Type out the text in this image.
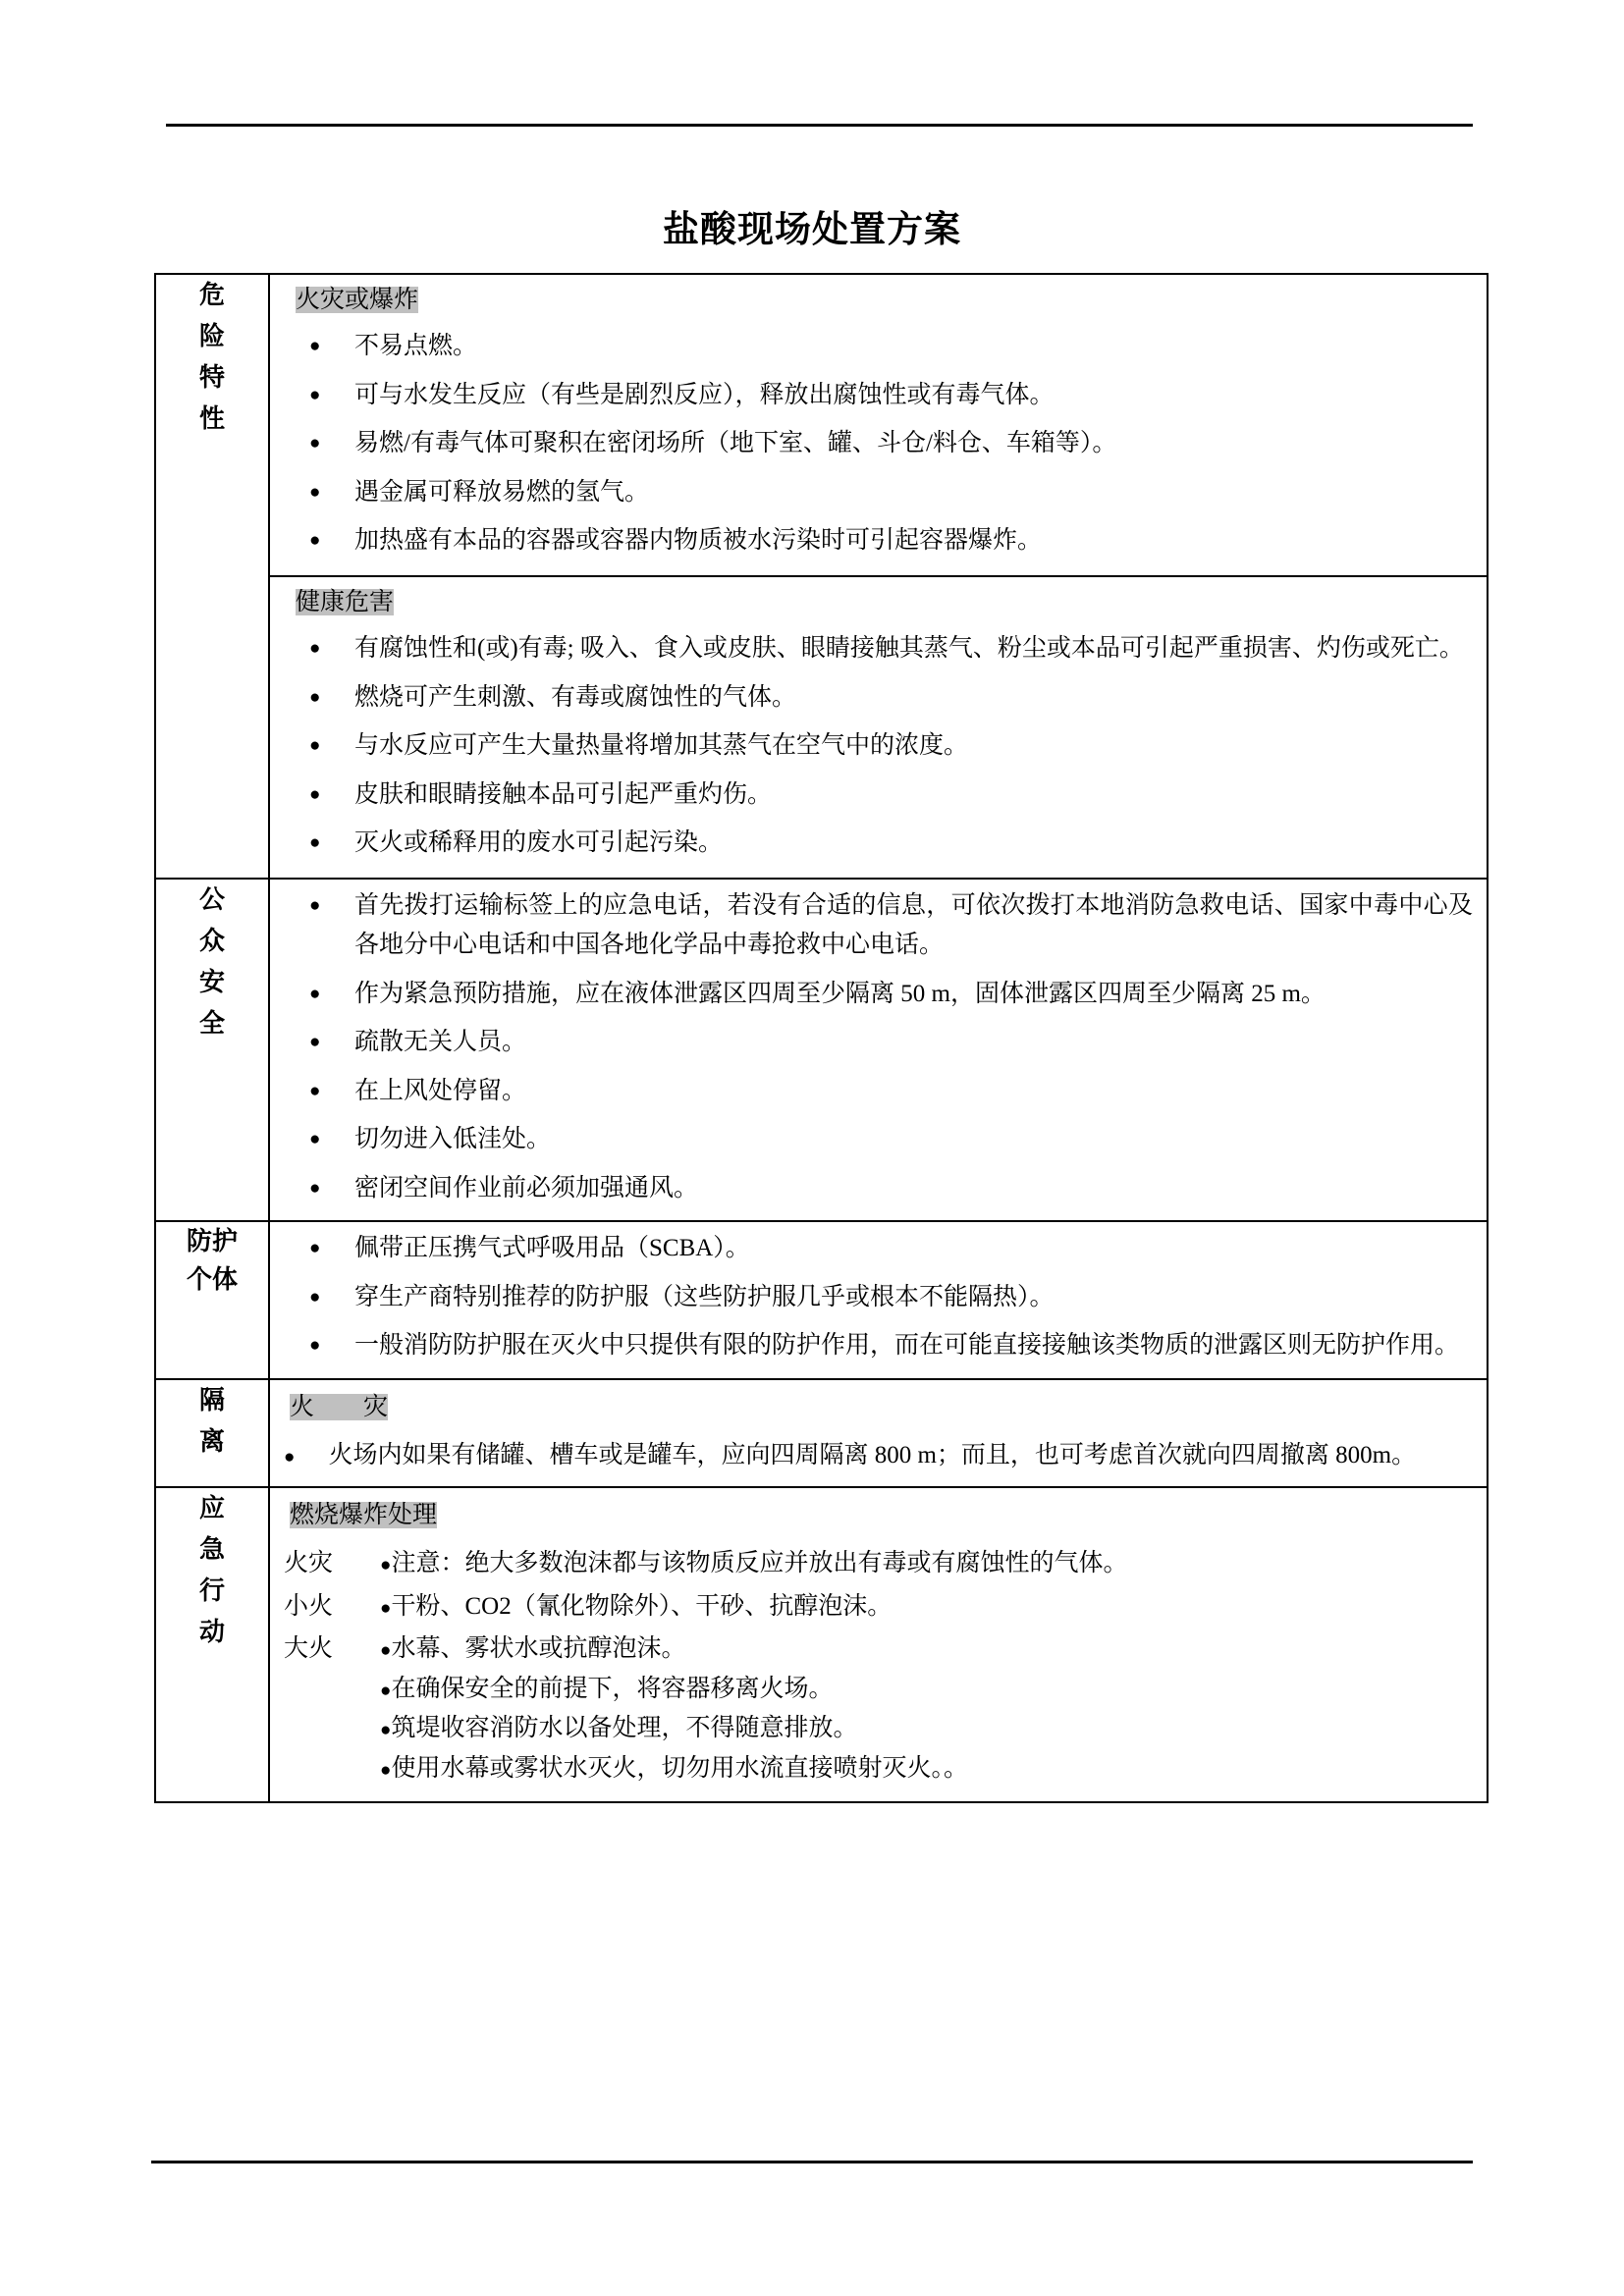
盐酸现场处置方案
危
险
特
性

火灾或爆炸
● 不易点燃。
● 可与水发生反应（有些是剧烈反应），释放出腐蚀性或有毒气体。
● 易燃/有毒气体可聚积在密闭场所（地下室、罐、斗仓/料仓、车箱等）。
● 遇金属可释放易燃的氢气。
● 加热盛有本品的容器或容器内物质被水污染时可引起容器爆炸。
健康危害
● 有腐蚀性和(或)有毒; 吸入、食入或皮肤、眼睛接触其蒸气、粉尘或本品可引起严重损害、灼伤或死亡。
● 燃烧可产生刺激、有毒或腐蚀性的气体。
● 与水反应可产生大量热量将增加其蒸气在空气中的浓度。
● 皮肤和眼睛接触本品可引起严重灼伤。
● 灭火或稀释用的废水可引起污染。

公
众
安
全

● 首先拨打运输标签上的应急电话，若没有合适的信息，可依次拨打本地消防急救电话、国家中毒中心及各地分中心电话和中国各地化学品中毒抢救中心电话。
● 作为紧急预防措施，应在液体泄露区四周至少隔离 50 m，固体泄露区四周至少隔离 25 m。
● 疏散无关人员。
● 在上风处停留。
● 切勿进入低洼处。
● 密闭空间作业前必须加强通风。

防护
个体

● 佩带正压携气式呼吸用品（SCBA）。
● 穿生产商特别推荐的防护服（这些防护服几乎或根本不能隔热）。
● 一般消防防护服在灭火中只提供有限的防护作用，而在可能直接接触该类物质的泄露区则无防护作用。

隔
离

火　　灾
● 火场内如果有储罐、槽车或是罐车，应向四周隔离 800 m；而且，也可考虑首次就向四周撤离 800m。

应
急
行
动

燃烧爆炸处理
火灾	●注意：绝大多数泡沫都与该物质反应并放出有毒或有腐蚀性的气体。
小火	●干粉、CO2（氰化物除外）、干砂、抗醇泡沫。
大火	●水幕、雾状水或抗醇泡沫。
●在确保安全的前提下，将容器移离火场。
●筑堤收容消防水以备处理，不得随意排放。
●使用水幕或雾状水灭火，切勿用水流直接喷射灭火。。
